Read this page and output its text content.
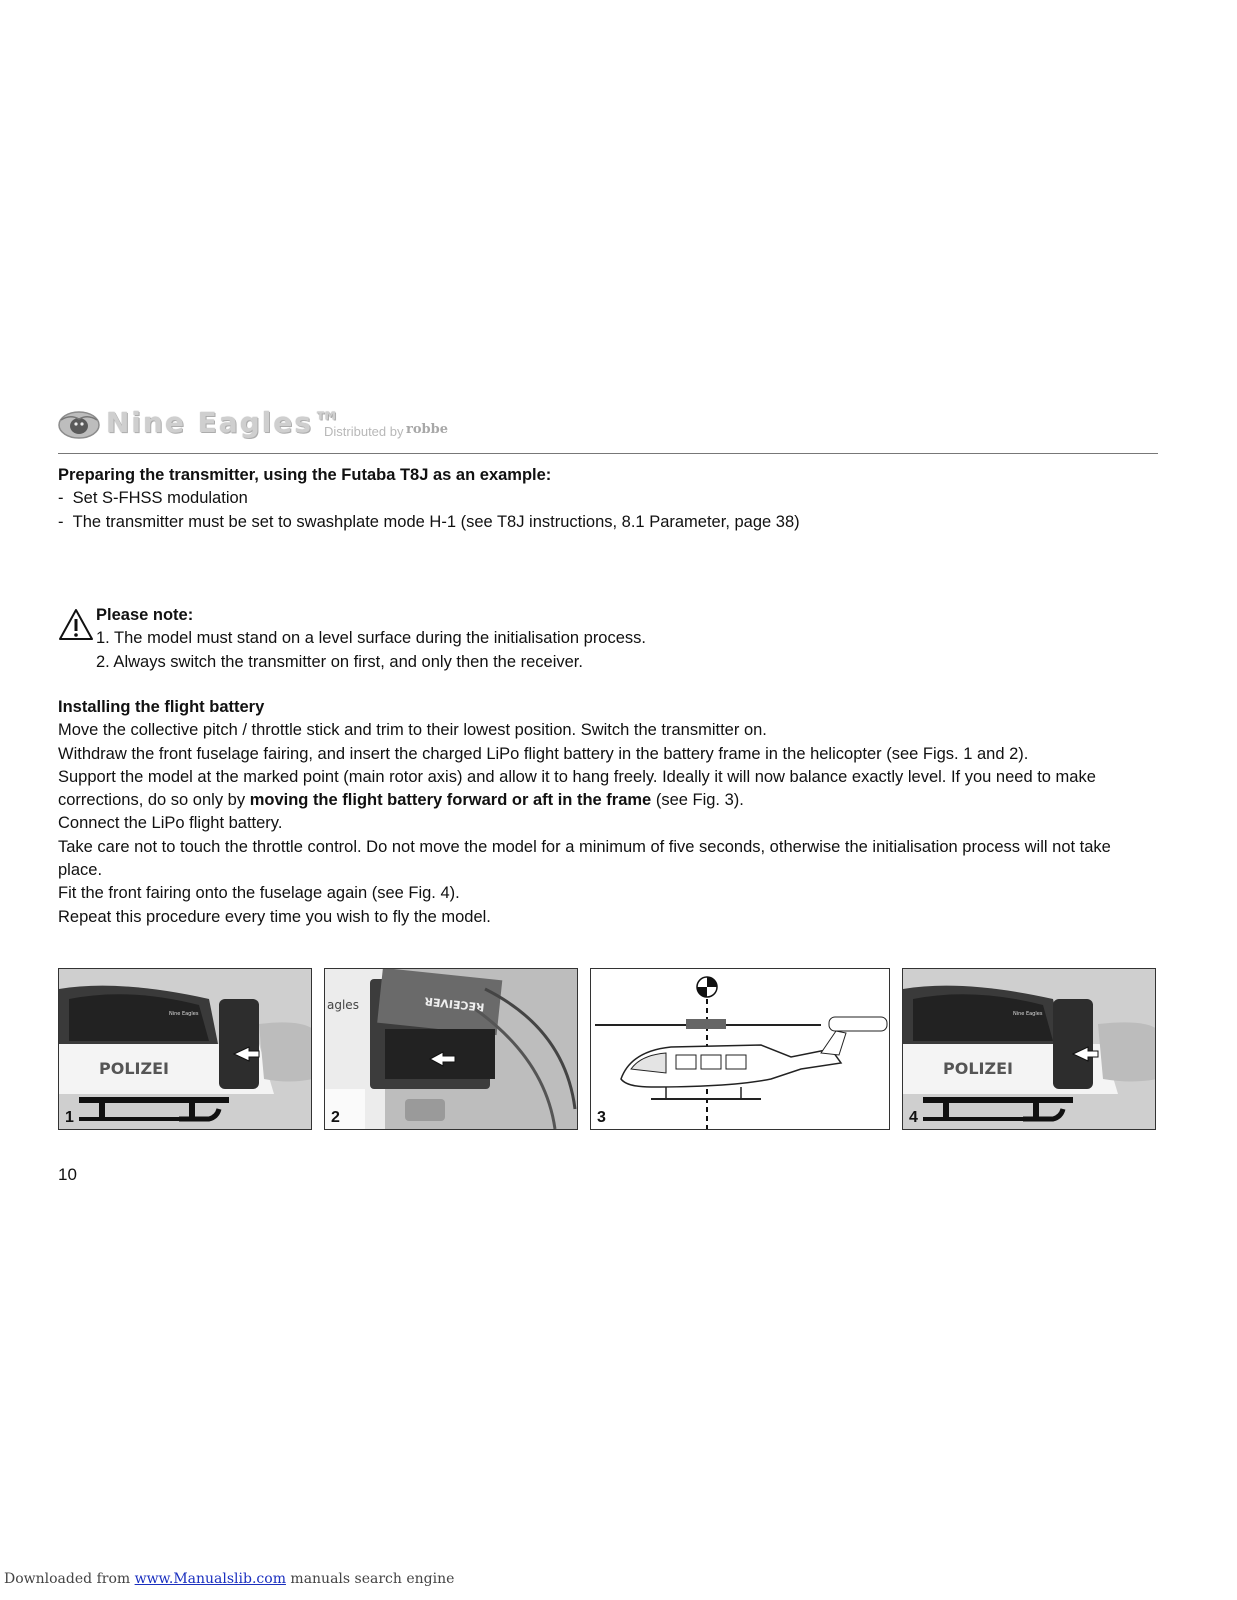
Nine Eagles™
Distributed by robbe
Preparing the transmitter, using the Futaba T8J as an example:
- Set S-FHSS modulation
- The transmitter must be set to swashplate mode H-1 (see T8J instructions, 8.1 Parameter, page 38)
Please note:
1. The model must stand on a level surface during the initialisation process.
2. Always switch the transmitter on first, and only then the receiver.
Installing the flight battery
Move the collective pitch / throttle stick and trim to their lowest position. Switch the transmitter on.
Withdraw the front fuselage fairing, and insert the charged LiPo flight battery in the battery frame in the helicopter (see Figs. 1 and 2).
Support the model at the marked point (main rotor axis) and allow it to hang freely. Ideally it will now balance exactly level. If you need to make corrections, do so only by moving the flight battery forward or aft in the frame (see Fig. 3).
Connect the LiPo flight battery.
Take care not to touch the throttle control. Do not move the model for a minimum of five seconds, otherwise the initialisation process will not take place.
Fit the front fairing onto the fuselage again (see Fig. 4).
Repeat this procedure every time you wish to fly the model.
POLIZEI
Nine Eagles
1
agles	RECEIVER
2	3
POLIZEI
Nine Eagles
4
10
Downloaded from www.Manualslib.com manuals search engine
